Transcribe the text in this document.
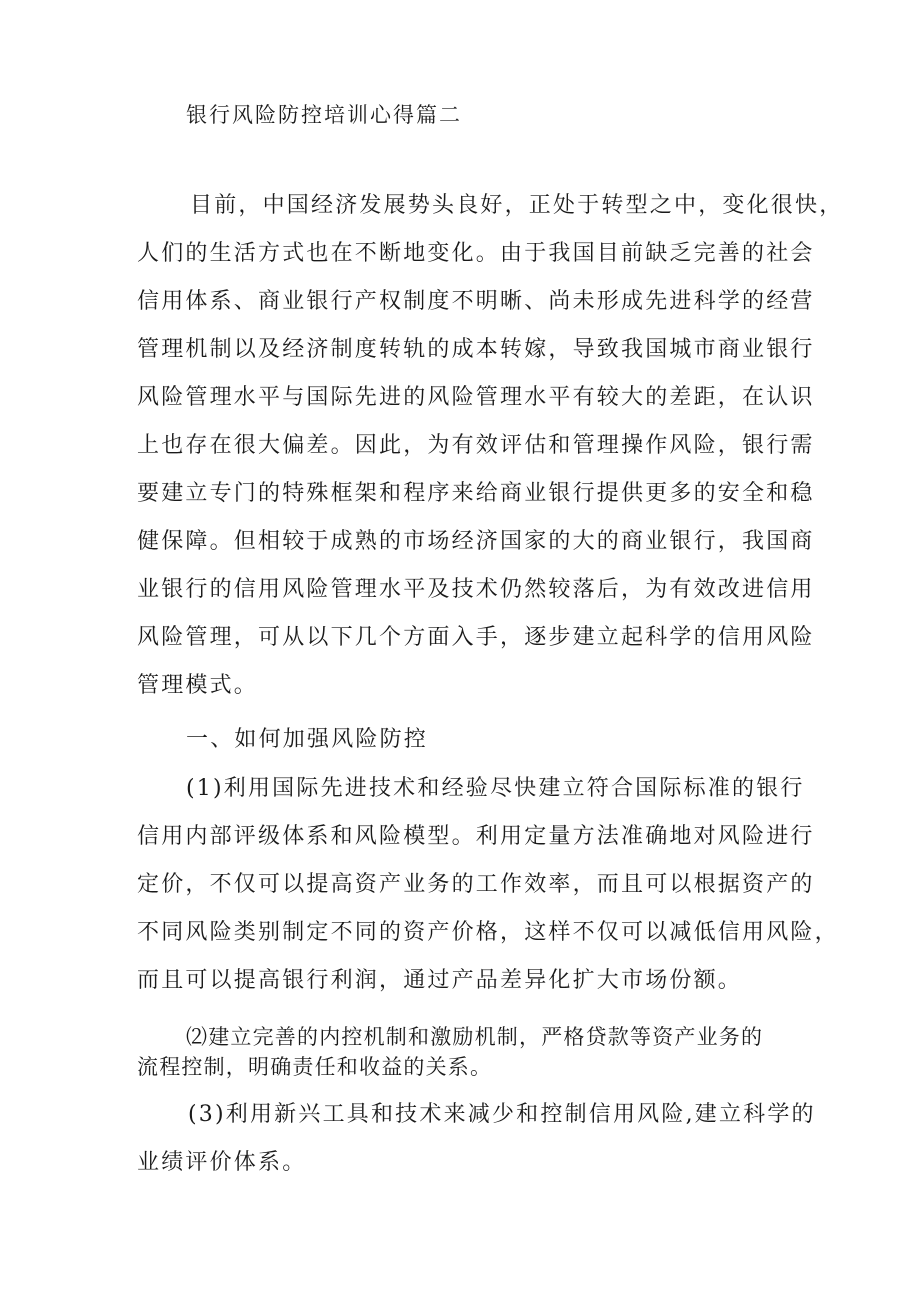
银行风险防控培训心得篇二
目前，中国经济发展势头良好，正处于转型之中，变化很快，
人们的生活方式也在不断地变化。由于我国目前缺乏完善的社会
信用体系、商业银行产权制度不明晰、尚未形成先进科学的经营
管理机制以及经济制度转轨的成本转嫁，导致我国城市商业银行
风险管理水平与国际先进的风险管理水平有较大的差距，在认识
上也存在很大偏差。因此，为有效评估和管理操作风险，银行需
要建立专门的特殊框架和程序来给商业银行提供更多的安全和稳
健保障。但相较于成熟的市场经济国家的大的商业银行，我国商
业银行的信用风险管理水平及技术仍然较落后，为有效改进信用
风险管理，可从以下几个方面入手，逐步建立起科学的信用风险
管理模式。
一、如何加强风险防控
(1)利用国际先进技术和经验尽快建立符合国际标准的银行
信用内部评级体系和风险模型。利用定量方法准确地对风险进行
定价，不仅可以提高资产业务的工作效率，而且可以根据资产的
不同风险类别制定不同的资产价格，这样不仅可以减低信用风险，
而且可以提高银行利润，通过产品差异化扩大市场份额。
⑵建立完善的内控机制和激励机制，严格贷款等资产业务的
流程控制，明确责任和收益的关系。
(3)利用新兴工具和技术来减少和控制信用风险,建立科学的
业绩评价体系。
